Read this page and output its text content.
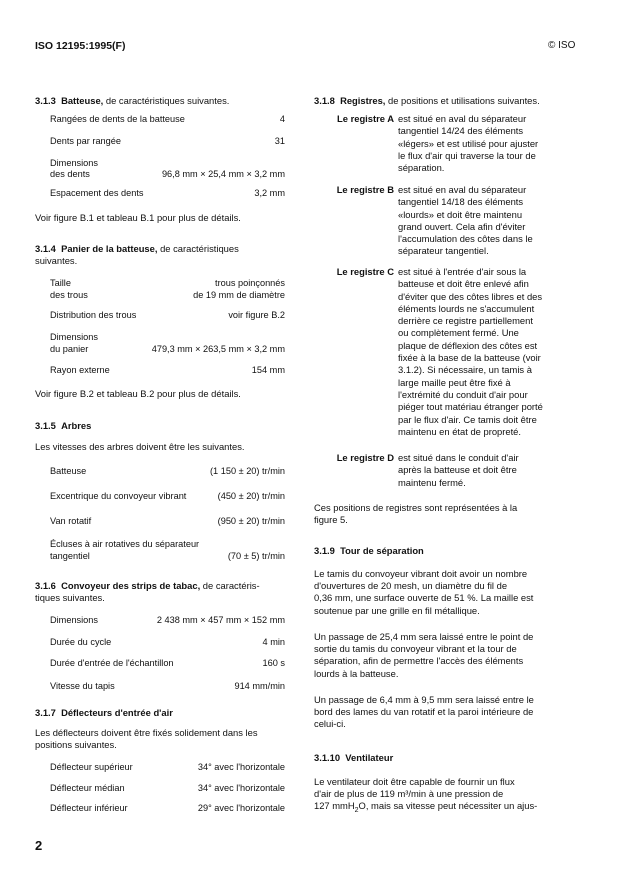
ISO 12195:1995(F)	© ISO
3.1.3 Batteuse, de caractéristiques suivantes.
Rangées de dents de la batteuse	4
Dents par rangée	31
Dimensions
des dents	96,8 mm × 25,4 mm × 3,2 mm
Espacement des dents	3,2 mm
Voir figure B.1 et tableau B.1 pour plus de détails.
3.1.4 Panier de la batteuse, de caractéristiques
suivantes.
Taille	trous poinçonnés
des trous	de 19 mm de diamètre
Distribution des trous	voir figure B.2
Dimensions
du panier	479,3 mm × 263,5 mm × 3,2 mm
Rayon externe	154 mm
Voir figure B.2 et tableau B.2 pour plus de détails.
3.1.5 Arbres
Les vitesses des arbres doivent être les suivantes.
Batteuse	(1 150 ± 20) tr/min
Excentrique du convoyeur vibrant	(450 ± 20) tr/min
Van rotatif	(950 ± 20) tr/min
Écluses à air rotatives du séparateur
tangentiel	(70 ± 5) tr/min
3.1.6 Convoyeur des strips de tabac, de caractéris-
tiques suivantes.
Dimensions	2 438 mm × 457 mm × 152 mm
Durée du cycle	4 min
Durée d'entrée de l'échantillon	160 s
Vitesse du tapis	914 mm/min
3.1.7 Déflecteurs d'entrée d'air
Les déflecteurs doivent être fixés solidement dans les
positions suivantes.
Déflecteur supérieur	34° avec l'horizontale
Déflecteur médian	34° avec l'horizontale
Déflecteur inférieur	29° avec l'horizontale
3.1.8 Registres, de positions et utilisations suivantes.
Le registre A est situé en aval du séparateur
tangentiel 14/24 des éléments
«légers» et est utilisé pour ajuster
le flux d'air qui traverse la tour de
séparation.
Le registre B est situé en aval du séparateur
tangentiel 14/18 des éléments
«lourds» et doit être maintenu
grand ouvert. Cela afin d'éviter
l'accumulation des côtes dans le
séparateur tangentiel.
Le registre C est situé à l'entrée d'air sous la
batteuse et doit être enlevé afin
d'éviter que des côtes libres et des
éléments lourds ne s'accumulent
derrière ce registre partiellement
ou complètement fermé. Une
plaque de déflexion des côtes est
fixée à la base de la batteuse (voir
3.1.2). Si nécessaire, un tamis à
large maille peut être fixé à
l'extrémité du conduit d'air pour
piéger tout matériau étranger porté
par le flux d'air. Ce tamis doit être
maintenu en état de propreté.
Le registre D est situé dans le conduit d'air
après la batteuse et doit être
maintenu fermé.
Ces positions de registres sont représentées à la
figure 5.
3.1.9 Tour de séparation
Le tamis du convoyeur vibrant doit avoir un nombre
d'ouvertures de 20 mesh, un diamètre du fil de
0,36 mm, une surface ouverte de 51 %. La maille est
soutenue par une grille en fil métallique.
Un passage de 25,4 mm sera laissé entre le point de
sortie du tamis du convoyeur vibrant et la tour de
séparation, afin de permettre l'accès des éléments
lourds à la batteuse.
Un passage de 6,4 mm à 9,5 mm sera laissé entre le
bord des lames du van rotatif et la paroi intérieure de
celui-ci.
3.1.10 Ventilateur
Le ventilateur doit être capable de fournir un flux
d'air de plus de 119 m³/min à une pression de
127 mmH$_2$O, mais sa vitesse peut nécessiter un ajus-
2
